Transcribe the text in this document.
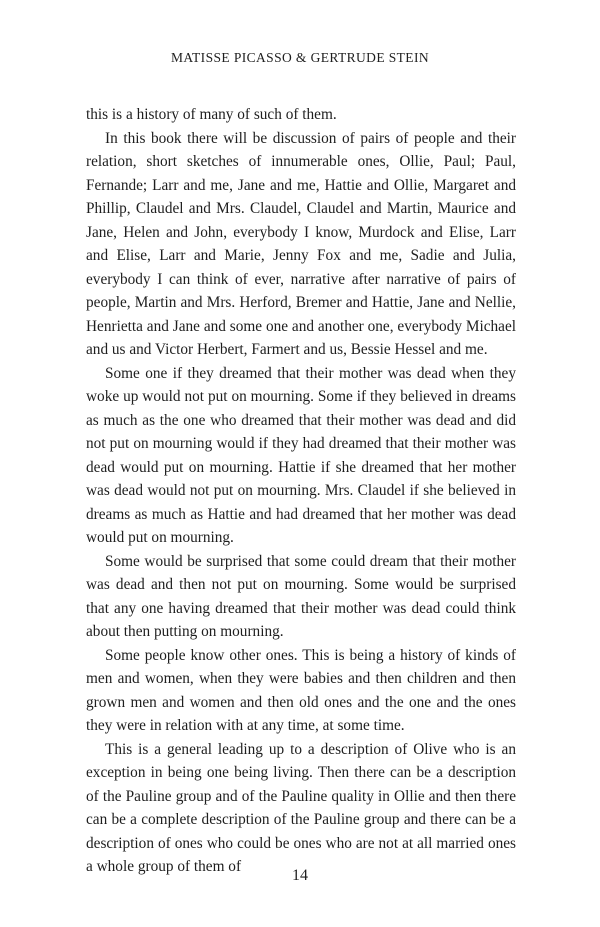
MATISSE PICASSO & GERTRUDE STEIN

this is a history of many of such of them.

In this book there will be discussion of pairs of people and their relation, short sketches of innumerable ones, Ollie, Paul; Paul, Fernande; Larr and me, Jane and me, Hattie and Ollie, Margaret and Phillip, Claudel and Mrs. Claudel, Claudel and Martin, Maurice and Jane, Helen and John, everybody I know, Murdock and Elise, Larr and Elise, Larr and Marie, Jenny Fox and me, Sadie and Julia, everybody I can think of ever, narrative after narrative of pairs of people, Martin and Mrs. Herford, Bremer and Hattie, Jane and Nellie, Henrietta and Jane and some one and another one, everybody Michael and us and Victor Herbert, Farmert and us, Bessie Hessel and me.

Some one if they dreamed that their mother was dead when they woke up would not put on mourning. Some if they believed in dreams as much as the one who dreamed that their mother was dead and did not put on mourning would if they had dreamed that their mother was dead would put on mourning. Hattie if she dreamed that her mother was dead would not put on mourning. Mrs. Claudel if she believed in dreams as much as Hattie and had dreamed that her mother was dead would put on mourning.

Some would be surprised that some could dream that their mother was dead and then not put on mourning. Some would be surprised that any one having dreamed that their mother was dead could think about then putting on mourning.

Some people know other ones. This is being a history of kinds of men and women, when they were babies and then children and then grown men and women and then old ones and the one and the ones they were in relation with at any time, at some time.

This is a general leading up to a description of Olive who is an exception in being one being living. Then there can be a description of the Pauline group and of the Pauline quality in Ollie and then there can be a complete description of the Pauline group and there can be a description of ones who could be ones who are not at all married ones a whole group of them of

14
